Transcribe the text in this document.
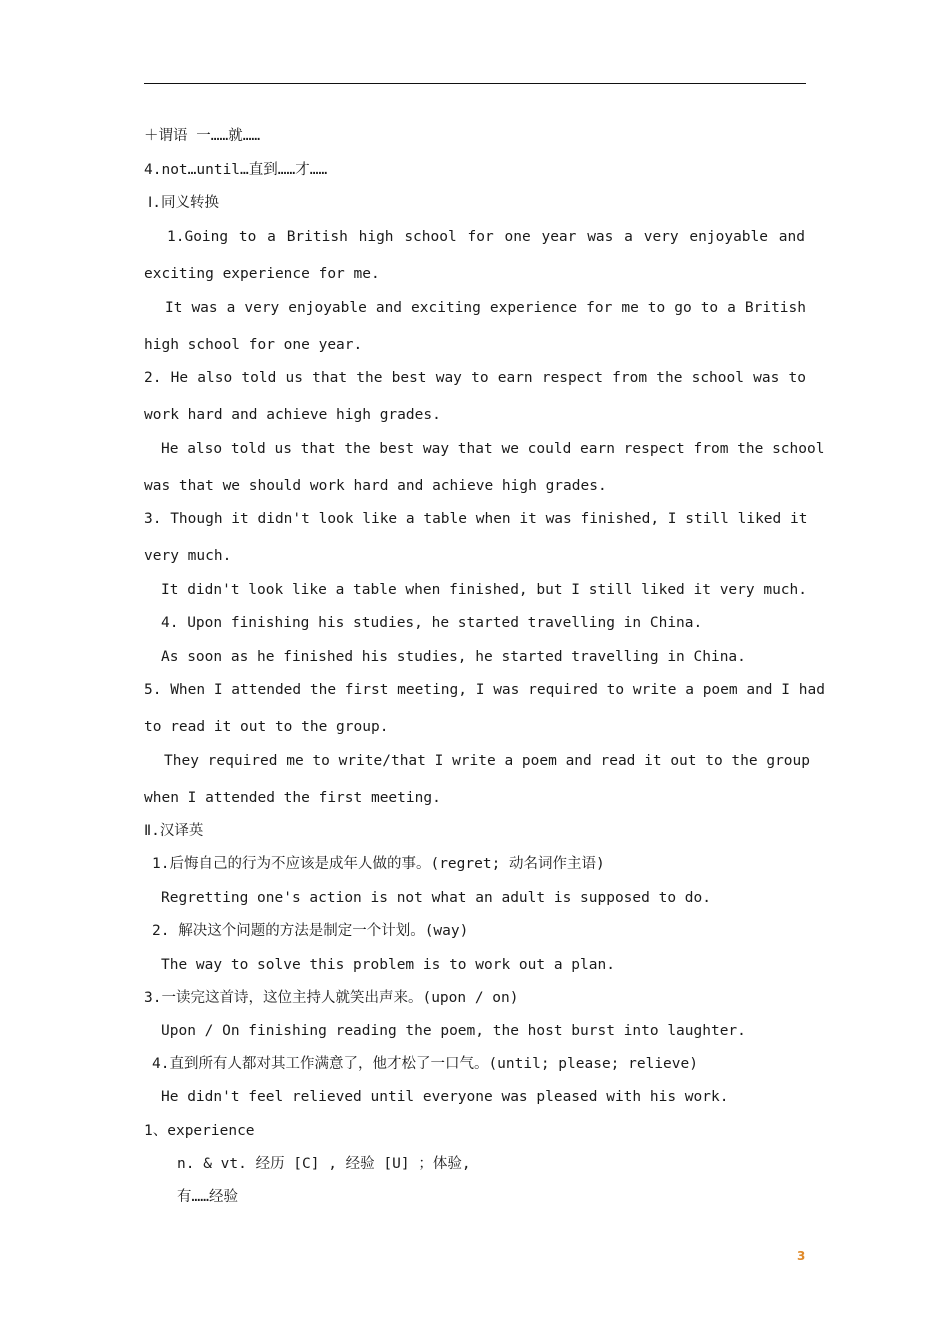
＋谓语 一……就……
4.not…until…直到……才……
Ⅰ.同义转换
1.Going to a British high school for one year was a very enjoyable and
exciting experience for me.
It was a very enjoyable and exciting experience for me to go to a British
high school for one year.
2. He also told us that the best way to earn respect from the school was to
work hard and achieve high grades.
He also told us that the best way that we could earn respect from the school
was that we should work hard and achieve high grades.
3. Though it didn't look like a table when it was finished, I still liked it
very much.
It didn't look like a table when finished, but I still liked it very much.
4. Upon finishing his studies, he started travelling in China.
As soon as he finished his studies, he started travelling in China.
5. When I attended the first meeting, I was required to write a poem and I had
to read it out to the group.
They required me to write/that I write a poem and read it out to the group
when I attended the first meeting.
Ⅱ.汉译英
1.后悔自己的行为不应该是成年人做的事。(regret; 动名词作主语)
Regretting one's action is not what an adult is supposed to do.
2. 解决这个问题的方法是制定一个计划。(way)
The way to solve this problem is to work out a plan.
3.一读完这首诗，这位主持人就笑出声来。(upon / on)
Upon / On finishing reading the poem, the host burst into laughter.
4.直到所有人都对其工作满意了，他才松了一口气。(until; please; relieve)
He didn't feel relieved until everyone was pleased with his work.
1、experience
n. & vt. 经历 [C] , 经验 [U] ；体验,
有……经验
3
